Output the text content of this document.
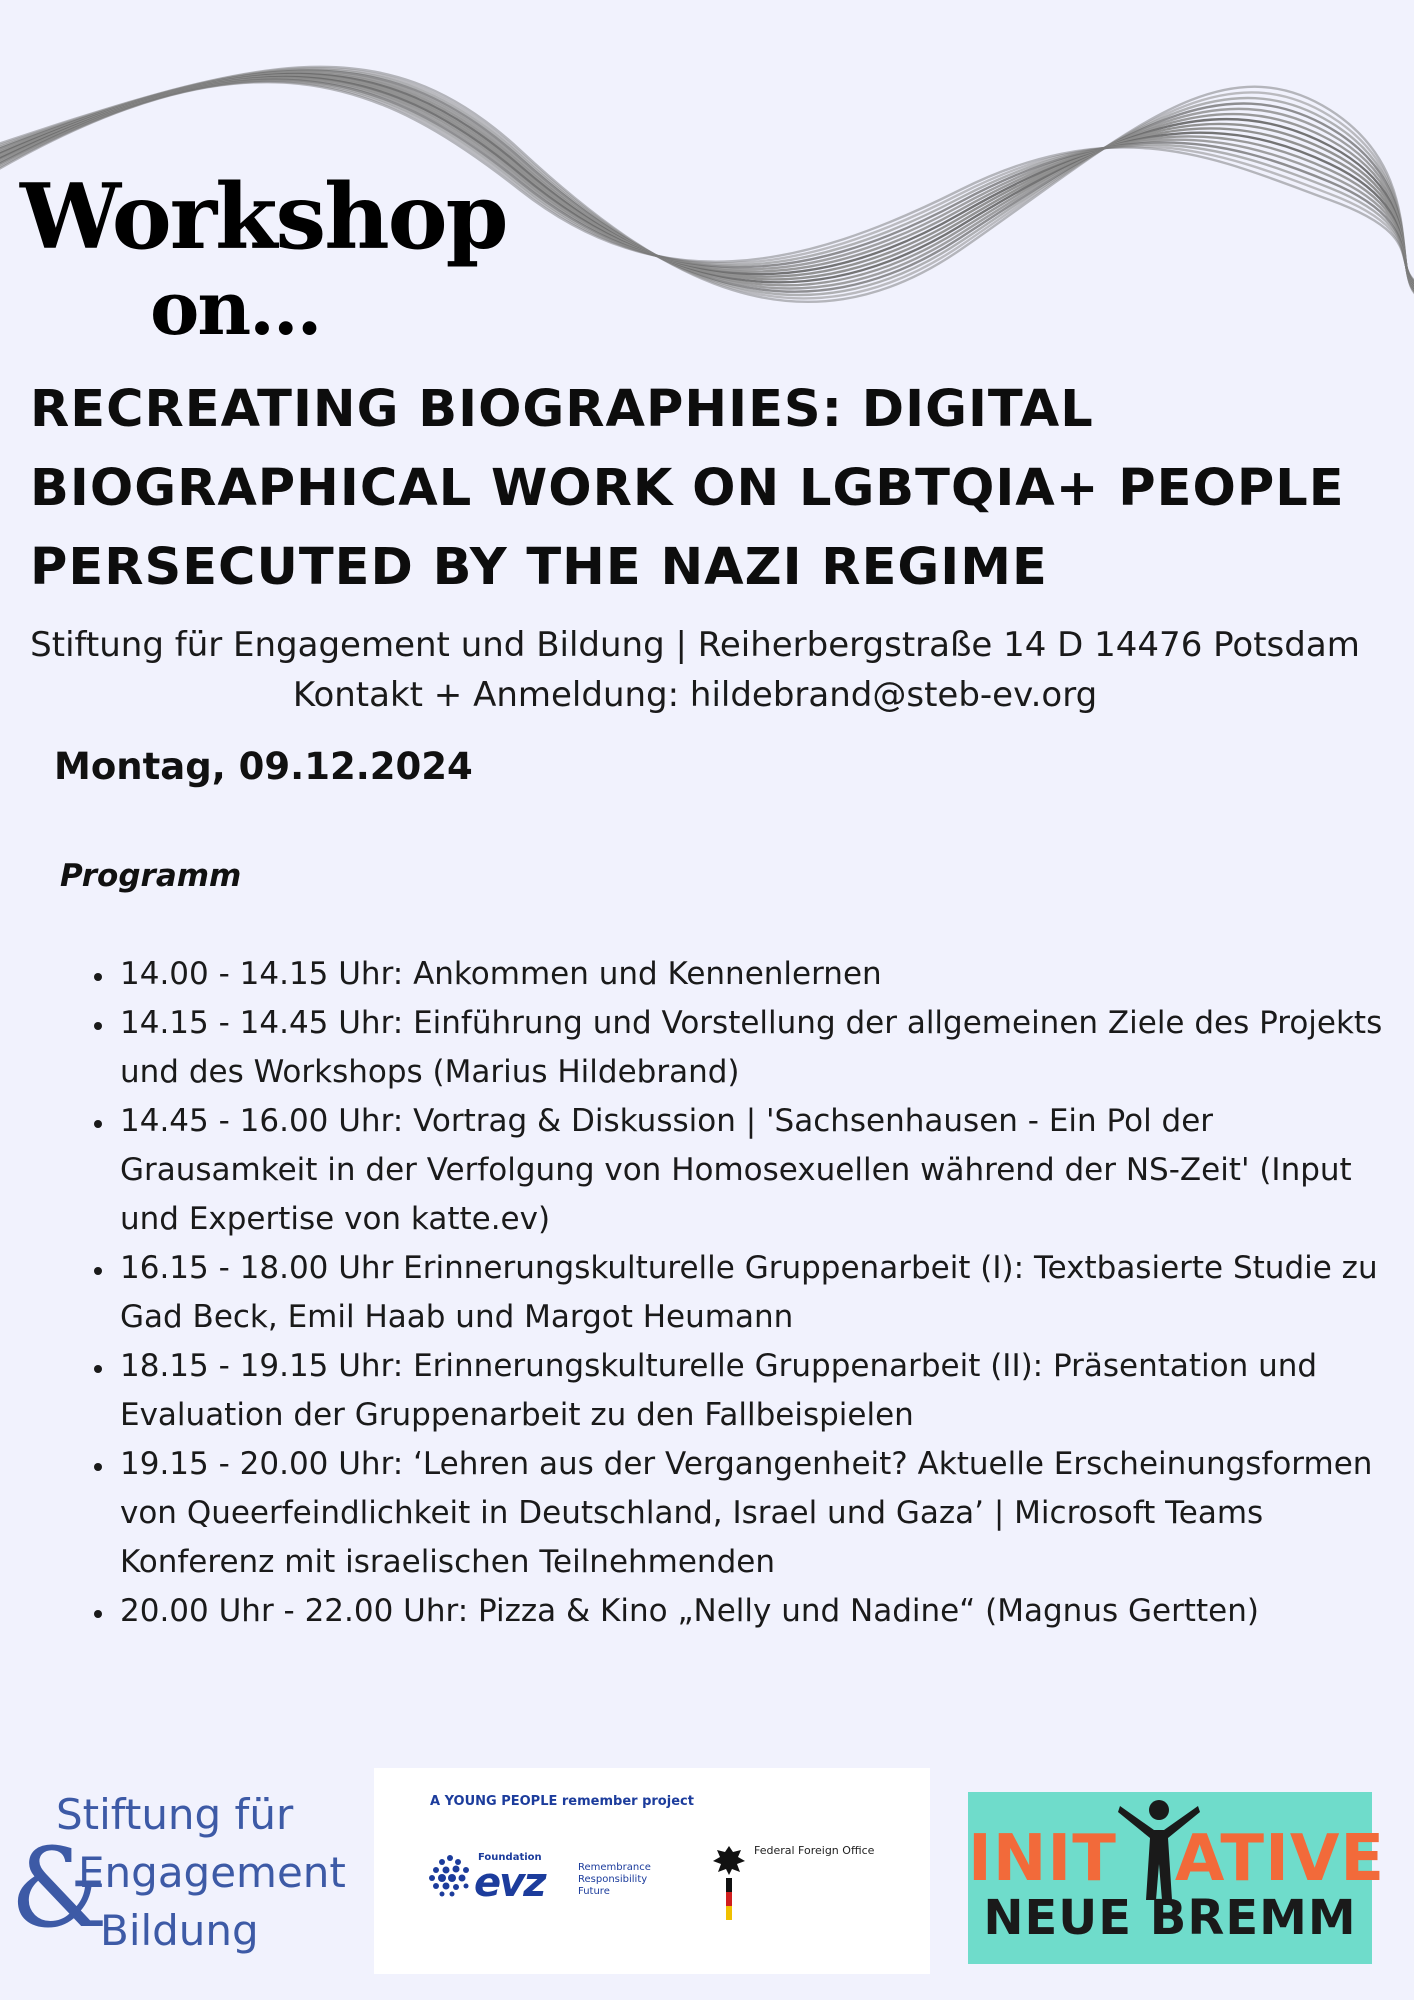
Workshop
on...
RECREATING BIOGRAPHIES: DIGITAL BIOGRAPHICAL WORK ON LGBTQIA+ PEOPLE PERSECUTED BY THE NAZI REGIME
Stiftung für Engagement und Bildung | Reiherbergstraße 14 D 14476 Potsdam
Kontakt + Anmeldung: hildebrand@steb-ev.org
Montag, 09.12.2024
Programm
• 14.00 - 14.15 Uhr: Ankommen und Kennenlernen
• 14.15 - 14.45 Uhr: Einführung und Vorstellung der allgemeinen Ziele des Projekts und des Workshops (Marius Hildebrand)
• 14.45 - 16.00 Uhr: Vortrag & Diskussion | 'Sachsenhausen - Ein Pol der Grausamkeit in der Verfolgung von Homosexuellen während der NS-Zeit' (Input und Expertise von katte.ev)
• 16.15 - 18.00 Uhr Erinnerungskulturelle Gruppenarbeit (I): Textbasierte Studie zu Gad Beck, Emil Haab und Margot Heumann
• 18.15 - 19.15 Uhr: Erinnerungskulturelle Gruppenarbeit (II): Präsentation und Evaluation der Gruppenarbeit zu den Fallbeispielen
• 19.15 - 20.00 Uhr: ‘Lehren aus der Vergangenheit? Aktuelle Erscheinungsformen von Queerfeindlichkeit in Deutschland, Israel und Gaza’ | Microsoft Teams Konferenz mit israelischen Teilnehmenden
• 20.00 Uhr - 22.00 Uhr: Pizza & Kino „Nelly und Nadine“ (Magnus Gertten)
Stiftung für
Engagement
Bildung
&
A YOUNG PEOPLE remember project
Foundation
evz	Remembrance
Responsibility
Future
Federal Foreign Office INIT ATIVE
NEUE BREMM
